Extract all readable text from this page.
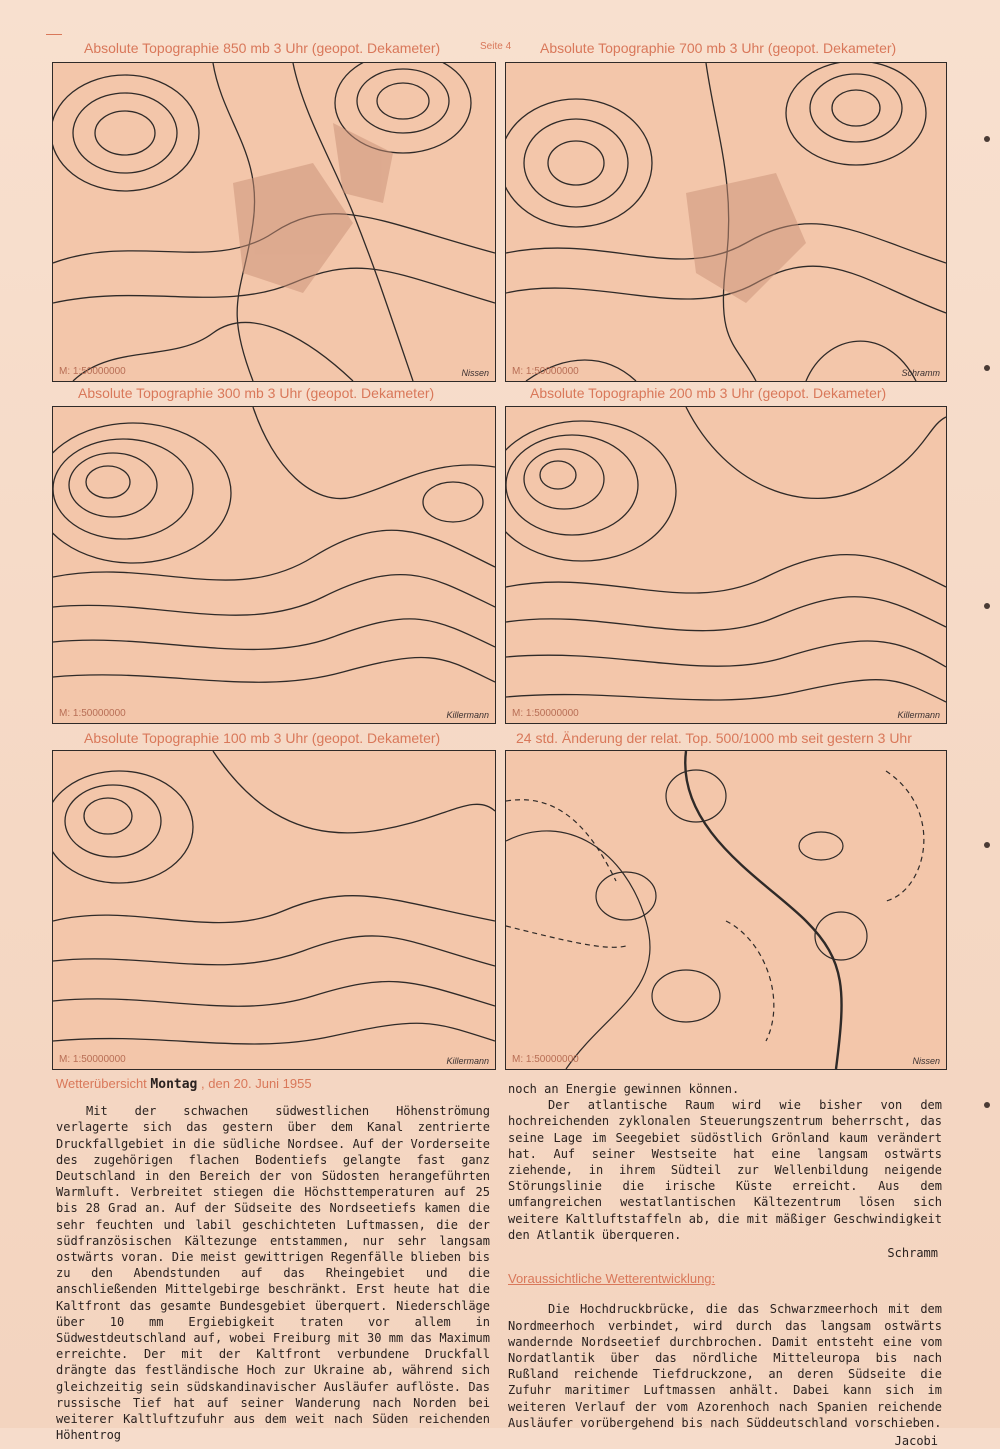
Seite 4
Absolute Topographie 850 mb 3 Uhr (geopot. Dekameter)	Absolute Topographie 700 mb 3 Uhr (geopot. Dekameter)
Absolute Topographie 300 mb 3 Uhr (geopot. Dekameter)	Absolute Topographie 200 mb 3 Uhr (geopot. Dekameter)
Absolute Topographie 100 mb 3 Uhr (geopot. Dekameter)	24 std. Änderung der relat. Top. 500/1000 mb seit gestern 3 Uhr
M: 1:50000000	Nissen M: 1:50000000	Schramm
M: 1:50000000	Killermann M: 1:50000000	Killermann
M: 1:50000000	Killermann M: 1:50000000	Nissen
Wetterübersicht Montag , den 20. Juni 1955

Mit der schwachen südwestlichen Höhenströmung verlagerte sich das gestern über dem Kanal zentrierte Druckfallgebiet in die südliche Nordsee. Auf der Vorderseite des zugehörigen flachen Bodentiefs gelangte fast ganz Deutschland in den Bereich der von Südosten herangeführten Warmluft. Verbreitet stiegen die Höchsttemperaturen auf 25 bis 28 Grad an. Auf der Südseite des Nordseetiefs kamen die sehr feuchten und labil geschichteten Luftmassen, die der südfranzösischen Kältezunge entstammen, nur sehr langsam ostwärts voran. Die meist gewittrigen Regenfälle blieben bis zu den Abendstunden auf das Rheingebiet und die anschließenden Mittelgebirge beschränkt. Erst heute hat die Kaltfront das gesamte Bundesgebiet überquert. Niederschläge über 10 mm Ergiebigkeit traten vor allem in Südwestdeutschland auf, wobei Freiburg mit 30 mm das Maximum erreichte. Der mit der Kaltfront verbundene Druckfall drängte das festländische Hoch zur Ukraine ab, während sich gleichzeitig sein südskandinavischer Ausläufer auflöste. Das russische Tief hat auf seiner Wanderung nach Norden bei weiterer Kaltluftzufuhr aus dem weit nach Süden reichenden Höhentrog

noch an Energie gewinnen können.

Der atlantische Raum wird wie bisher von dem hochreichenden zyklonalen Steuerungszentrum beherrscht, das seine Lage im Seegebiet südöstlich Grönland kaum verändert hat. Auf seiner Westseite hat eine langsam ostwärts ziehende, in ihrem Südteil zur Wellenbildung neigende Störungslinie die irische Küste erreicht. Aus dem umfangreichen westatlantischen Kältezentrum lösen sich weitere Kaltluftstaffeln ab, die mit mäßiger Geschwindigkeit den Atlantik überqueren.

Schramm
Voraussichtliche Wetterentwicklung:

Die Hochdruckbrücke, die das Schwarzmeerhoch mit dem Nordmeerhoch verbindet, wird durch das langsam ostwärts wandernde Nordseetief durchbrochen. Damit entsteht eine vom Nordatlantik über das nördliche Mitteleuropa bis nach Rußland reichende Tiefdruckzone, an deren Südseite die Zufuhr maritimer Luftmassen anhält. Dabei kann sich im weiteren Verlauf der vom Azorenhoch nach Spanien reichende Ausläufer vorübergehend bis nach Süddeutschland vorschieben.

Jacobi
